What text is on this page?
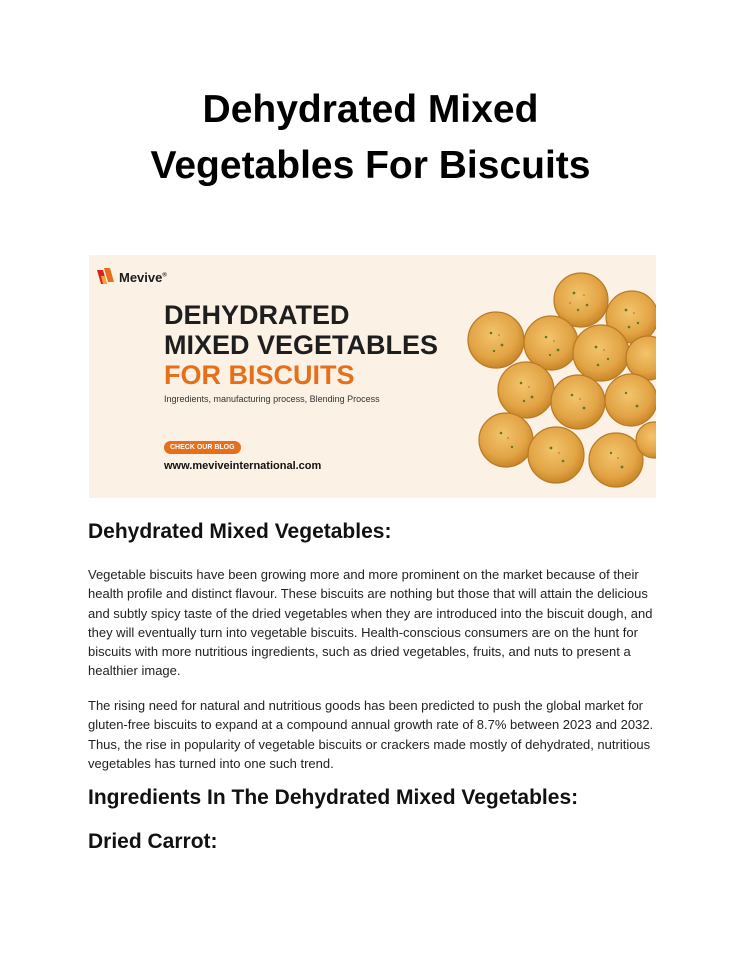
Dehydrated Mixed
Vegetables For Biscuits
Mevive®

DEHYDRATED

MIXED VEGETABLES

FOR BISCUITS

Ingredients, manufacturing process, Blending Process
CHECK OUR BLOG
www.meviveinternational.com
Dehydrated Mixed Vegetables:

Vegetable biscuits have been growing more and more prominent on the market because of their health profile and distinct flavour. These biscuits are nothing but those that will attain the delicious and subtly spicy taste of the dried vegetables when they are introduced into the biscuit dough, and they will eventually turn into vegetable biscuits. Health-conscious consumers are on the hunt for biscuits with more nutritious ingredients, such as dried vegetables, fruits, and nuts to present a healthier image.

The rising need for natural and nutritious goods has been predicted to push the global market for gluten-free biscuits to expand at a compound annual growth rate of 8.7% between 2023 and 2032. Thus, the rise in popularity of vegetable biscuits or crackers made mostly of dehydrated, nutritious vegetables has turned into one such trend.

Ingredients In The Dehydrated Mixed Vegetables:
Dried Carrot:
